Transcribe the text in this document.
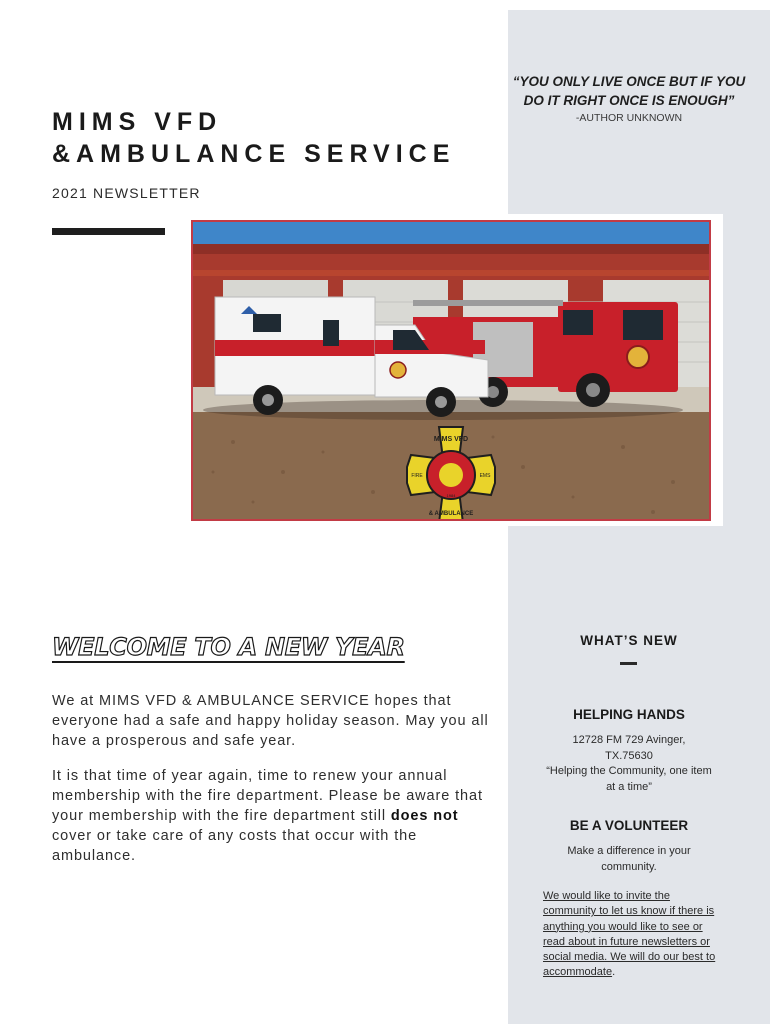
“YOU ONLY LIVE ONCE BUT IF YOU DO IT RIGHT ONCE IS ENOUGH”
-AUTHOR UNKNOWN
MIMS VFD
&AMBULANCE SERVICE
2021 NEWSLETTER
MIMS VFD
& AMBULANCE
FIRE	EMS
1984
WELCOME TO A NEW YEAR

We at MIMS VFD & AMBULANCE SERVICE hopes that everyone had a safe and happy holiday season. May you all have a prosperous and safe year.

It is that time of year again, time to renew your annual membership with the fire department. Please be aware that your membership with the fire department still does not cover or take care of any costs that occur with the ambulance.

WHAT’S NEW
HELPING HANDS
12728 FM 729 Avinger, TX.75630
“Helping the Community, one item at a time”
BE A VOLUNTEER
Make a difference in your community.
We would like to invite the community to let us know if there is anything you would like to see or read about in future newsletters or social media. We will do our best to accommodate.
